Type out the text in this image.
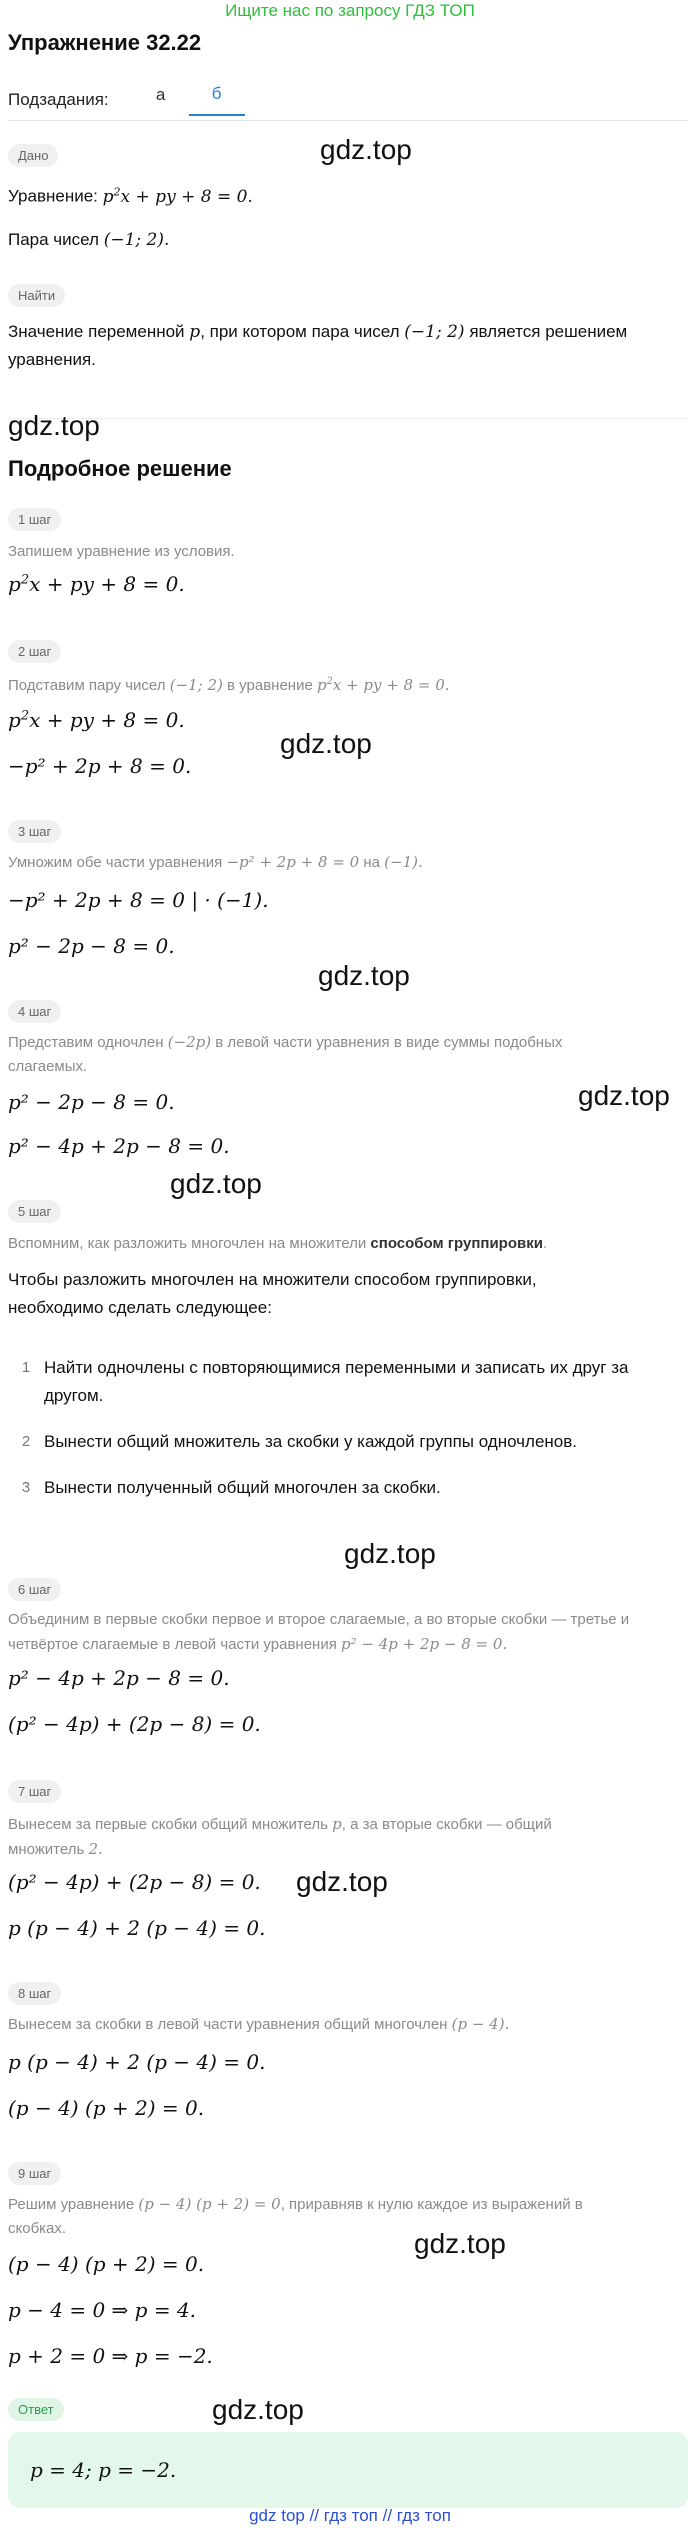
Ищите нас по запросу ГДЗ ТОП
Упражнение 32.22
Подзадания:	а	б
Дано
Уравнение: $p^2x$ + py + 8 = 0.
Пара чисел (−1; 2).
Найти
Значение переменной p, при котором пара чисел (−1; 2) является решением
уравнения.
Подробное решение
1 шаг
Запишем уравнение из условия.
$p^2x$ + py + 8 = 0.
2 шаг
Подставим пару чисел (−1; 2) в уравнение $p^2x$ + py + 8 = 0.
$p^2x$ + py + 8 = 0.
−p² + 2p + 8 = 0.
3 шаг
Умножим обе части уравнения −p² + 2p + 8 = 0 на (−1).
−p² + 2p + 8 = 0 | · (−1).
p² − 2p − 8 = 0.
4 шаг
Представим одночлен (−2p) в левой части уравнения в виде суммы подобных
слагаемых.
p² − 2p − 8 = 0.
p² − 4p + 2p − 8 = 0.
5 шаг
Вспомним, как разложить многочлен на множители способом группировки.
Чтобы разложить многочлен на множители способом группировки,
необходимо сделать следующее:
1 Найти одночлены с повторяющимися переменными и записать их друг за
другом.
2 Вынести общий множитель за скобки у каждой группы одночленов.
3 Вынести полученный общий многочлен за скобки.
6 шаг
Объединим в первые скобки первое и второе слагаемые, а во вторые скобки — третье и
четвёртое слагаемые в левой части уравнения p² − 4p + 2p − 8 = 0.
p² − 4p + 2p − 8 = 0.
(p² − 4p) + (2p − 8) = 0.
7 шаг
Вынесем за первые скобки общий множитель p, а за вторые скобки — общий
множитель 2.
(p² − 4p) + (2p − 8) = 0.
p (p − 4) + 2 (p − 4) = 0.
8 шаг
Вынесем за скобки в левой части уравнения общий многочлен (p − 4).
p (p − 4) + 2 (p − 4) = 0.
(p − 4) (p + 2) = 0.
9 шаг
Решим уравнение (p − 4) (p + 2) = 0, приравняв к нулю каждое из выражений в
скобках.
(p − 4) (p + 2) = 0.
p − 4 = 0 ⇒ p = 4.
p + 2 = 0 ⇒ p = −2.
Ответ
p = 4; p = −2.
gdz.top
gdz.top
gdz.top
gdz.top
gdz.top
gdz.top
gdz.top
gdz.top
gdz.top
gdz.top
gdz top // гдз топ // гдз топ
